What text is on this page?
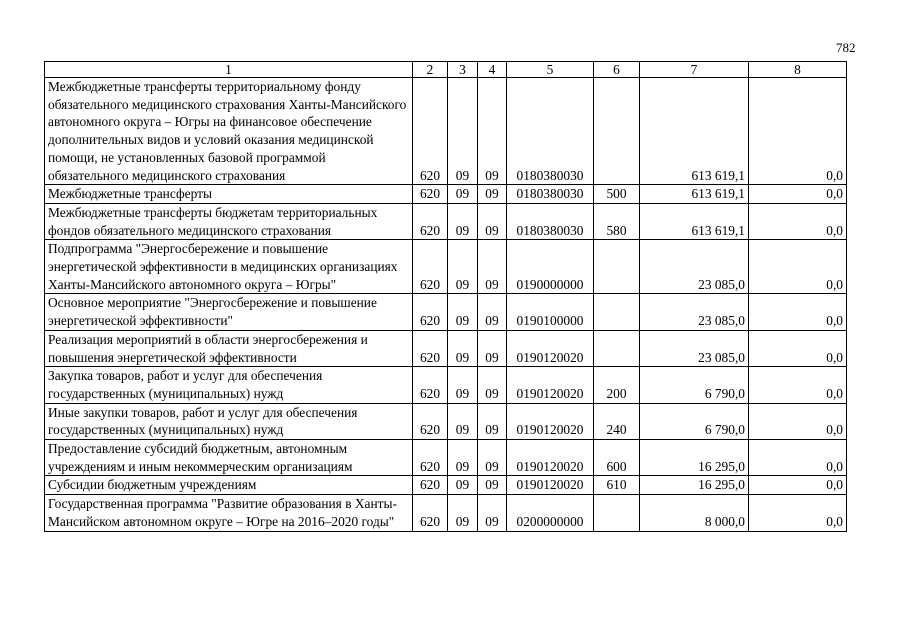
782
1	2	3	4	5	6	7	8
Межбюджетные трансферты территориальному фонду обязательного медицинского страхования Ханты-Мансийского автономного округа – Югры на финансовое обеспечение дополнительных видов и условий оказания медицинской помощи, не установленных базовой программой обязательного медицинского страхования	620	09	09	0180380030		613 619,1	0,0
Межбюджетные трансферты	620	09	09	0180380030	500	613 619,1	0,0
Межбюджетные трансферты бюджетам территориальных фондов обязательного медицинского страхования	620	09	09	0180380030	580	613 619,1	0,0
Подпрограмма "Энергосбережение и повышение энергетической эффективности в медицинских организациях Ханты-Мансийского автономного округа – Югры"	620	09	09	0190000000		23 085,0	0,0
Основное мероприятие "Энергосбережение и повышение энергетической эффективности"	620	09	09	0190100000		23 085,0	0,0
Реализация мероприятий в области энергосбережения и повышения энергетической эффективности	620	09	09	0190120020		23 085,0	0,0
Закупка товаров, работ и услуг для обеспечения государственных (муниципальных) нужд	620	09	09	0190120020	200	6 790,0	0,0
Иные закупки товаров, работ и услуг для обеспечения государственных (муниципальных) нужд	620	09	09	0190120020	240	6 790,0	0,0
Предоставление субсидий бюджетным, автономным учреждениям и иным некоммерческим организациям	620	09	09	0190120020	600	16 295,0	0,0
Субсидии бюджетным учреждениям	620	09	09	0190120020	610	16 295,0	0,0
Государственная программа "Развитие образования в Ханты-Мансийском автономном округе – Югре на 2016–2020 годы"	620	09	09	0200000000		8 000,0	0,0
